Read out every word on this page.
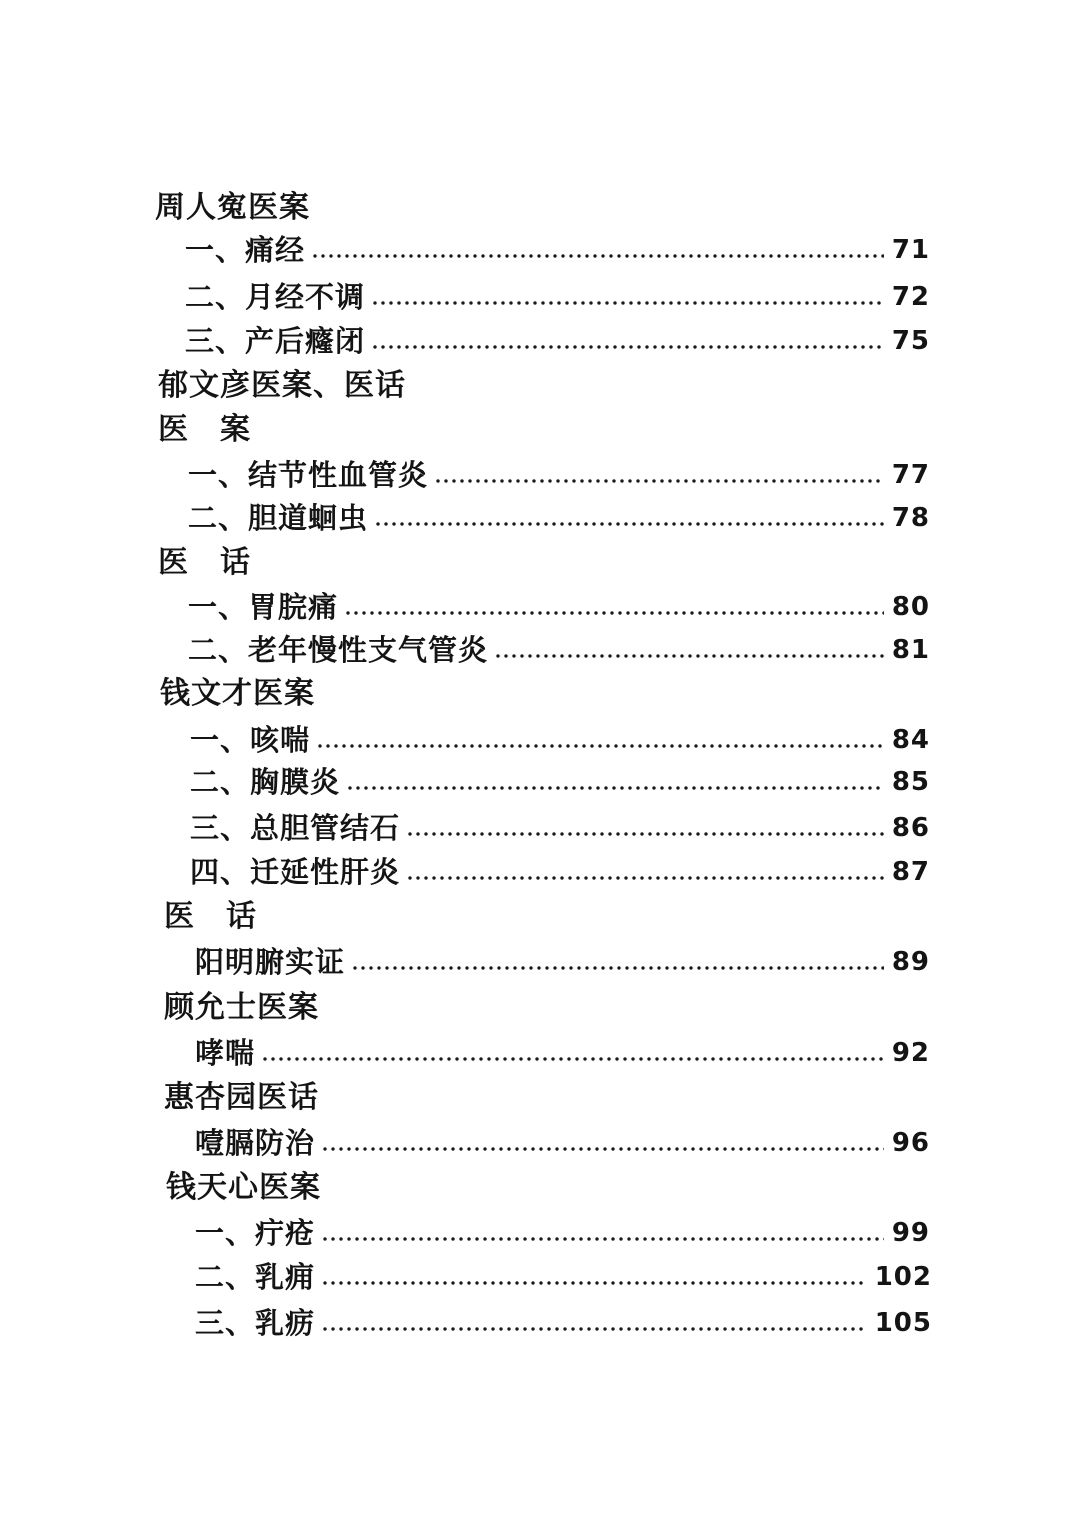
周人寃医案
一、痛经	71
二、月经不调	72
三、产后癃闭	75
郁文彦医案、医话
医　案
一、结节性血管炎	77
二、胆道蛔虫	78
医　话
一、胃脘痛	80
二、老年慢性支气管炎	81
钱文才医案
一、咳喘	84
二、胸膜炎	85
三、总胆管结石	86
四、迁延性肝炎	87
医　话
阳明腑实证	89
顾允士医案
哮喘	92
惠杏园医话
噎膈防治	96
钱天心医案
一、疔疮	99
二、乳痈	102
三、乳疬	105
